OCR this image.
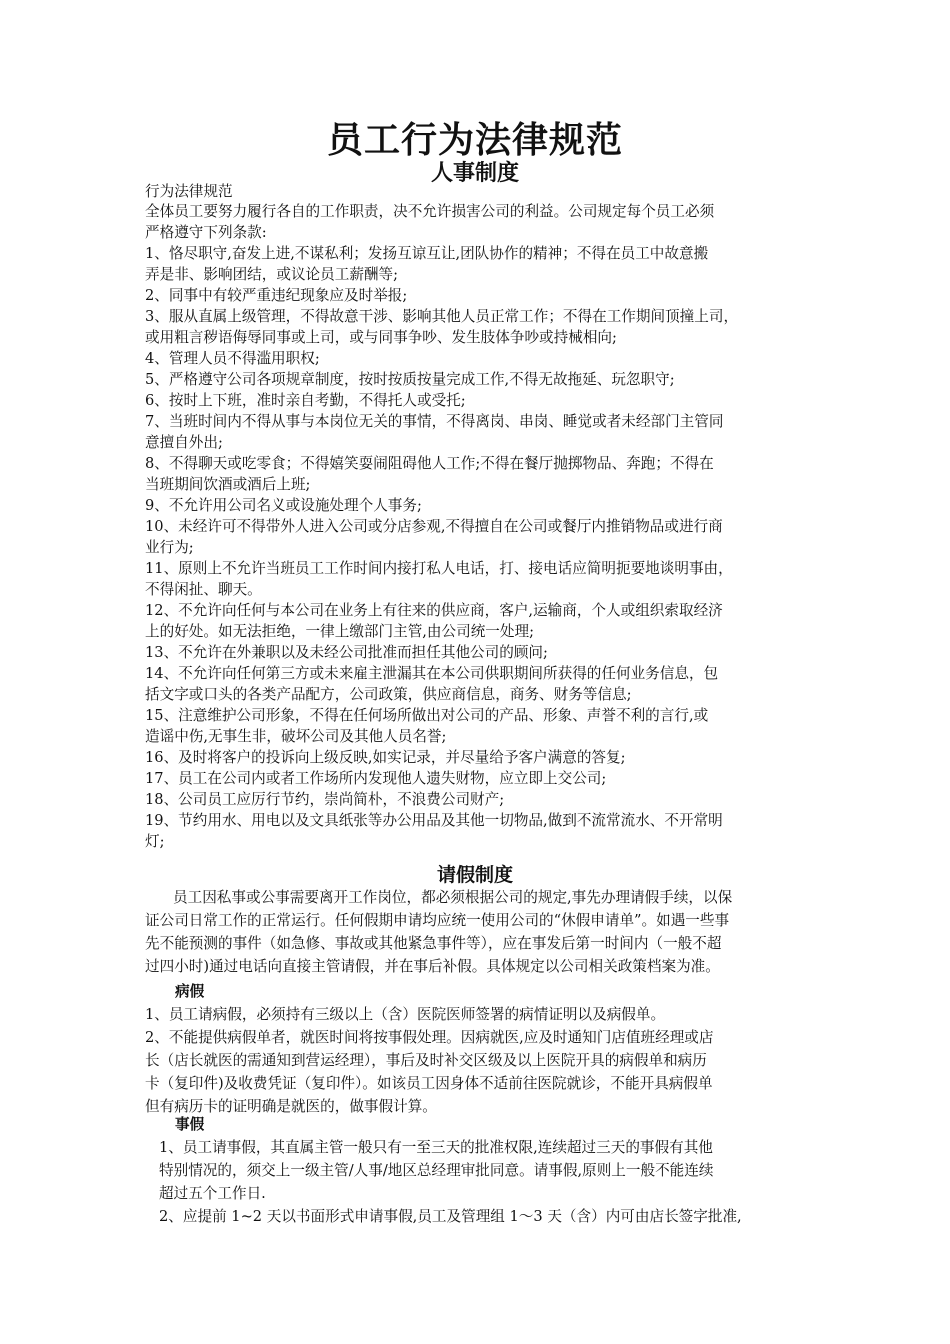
员工行为法律规范
人事制度

行为法律规范

全体员工要努力履行各自的工作职责，决不允许损害公司的利益。公司规定每个员工必须

严格遵守下列条款:

1、恪尽职守,奋发上进,不谋私利；发扬互谅互让,团队协作的精神；不得在员工中故意搬

弄是非、影响团结，或议论员工薪酬等;

2、同事中有较严重违纪现象应及时举报;

3、服从直属上级管理，不得故意干涉、影响其他人员正常工作；不得在工作期间顶撞上司，

或用粗言秽语侮辱同事或上司，或与同事争吵、发生肢体争吵或持械相向;

4、管理人员不得滥用职权;

5、严格遵守公司各项规章制度，按时按质按量完成工作,不得无故拖延、玩忽职守;

6、按时上下班，准时亲自考勤，不得托人或受托;

7、当班时间内不得从事与本岗位无关的事情，不得离岗、串岗、睡觉或者未经部门主管同

意擅自外出;

8、不得聊天或吃零食；不得嬉笑耍闹阻碍他人工作;不得在餐厅抛掷物品、奔跑；不得在

当班期间饮酒或酒后上班;

9、不允许用公司名义或设施处理个人事务;

10、未经许可不得带外人进入公司或分店参观,不得擅自在公司或餐厅内推销物品或进行商

业行为;

11、原则上不允许当班员工工作时间内接打私人电话，打、接电话应简明扼要地谈明事由，

不得闲扯、聊天。

12、不允许向任何与本公司在业务上有往来的供应商，客户,运输商，个人或组织索取经济

上的好处。如无法拒绝，一律上缴部门主管,由公司统一处理;

13、不允许在外兼职以及未经公司批准而担任其他公司的顾问;

14、不允许向任何第三方或未来雇主泄漏其在本公司供职期间所获得的任何业务信息，包

括文字或口头的各类产品配方，公司政策，供应商信息，商务、财务等信息;

15、注意维护公司形象，不得在任何场所做出对公司的产品、形象、声誉不利的言行,或

造谣中伤,无事生非，破坏公司及其他人员名誉;

16、及时将客户的投诉向上级反映,如实记录，并尽量给予客户满意的答复;

17、员工在公司内或者工作场所内发现他人遗失财物，应立即上交公司;

18、公司员工应厉行节约，崇尚简朴，不浪费公司财产;

19、节约用水、用电以及文具纸张等办公用品及其他一切物品,做到不流常流水、不开常明

灯;

请假制度

员工因私事或公事需要离开工作岗位，都必须根据公司的规定,事先办理请假手续，以保

证公司日常工作的正常运行。任何假期申请均应统一使用公司的“休假申请单”。如遇一些事

先不能预测的事件（如急修、事故或其他紧急事件等），应在事发后第一时间内（一般不超

过四小时)通过电话向直接主管请假，并在事后补假。具体规定以公司相关政策档案为准。

病假

1、员工请病假，必须持有三级以上（含）医院医师签署的病情证明以及病假单。

2、不能提供病假单者，就医时间将按事假处理。因病就医,应及时通知门店值班经理或店

长（店长就医的需通知到营运经理），事后及时补交区级及以上医院开具的病假单和病历

卡（复印件)及收费凭证（复印件）。如该员工因身体不适前往医院就诊，不能开具病假单

但有病历卡的证明确是就医的，做事假计算。

事假

1、员工请事假，其直属主管一般只有一至三天的批准权限,连续超过三天的事假有其他

特别情况的，须交上一级主管/人事/地区总经理审批同意。请事假,原则上一般不能连续

超过五个工作日.

2、应提前 1~2 天以书面形式申请事假,员工及管理组 1～3 天（含）内可由店长签字批准,
